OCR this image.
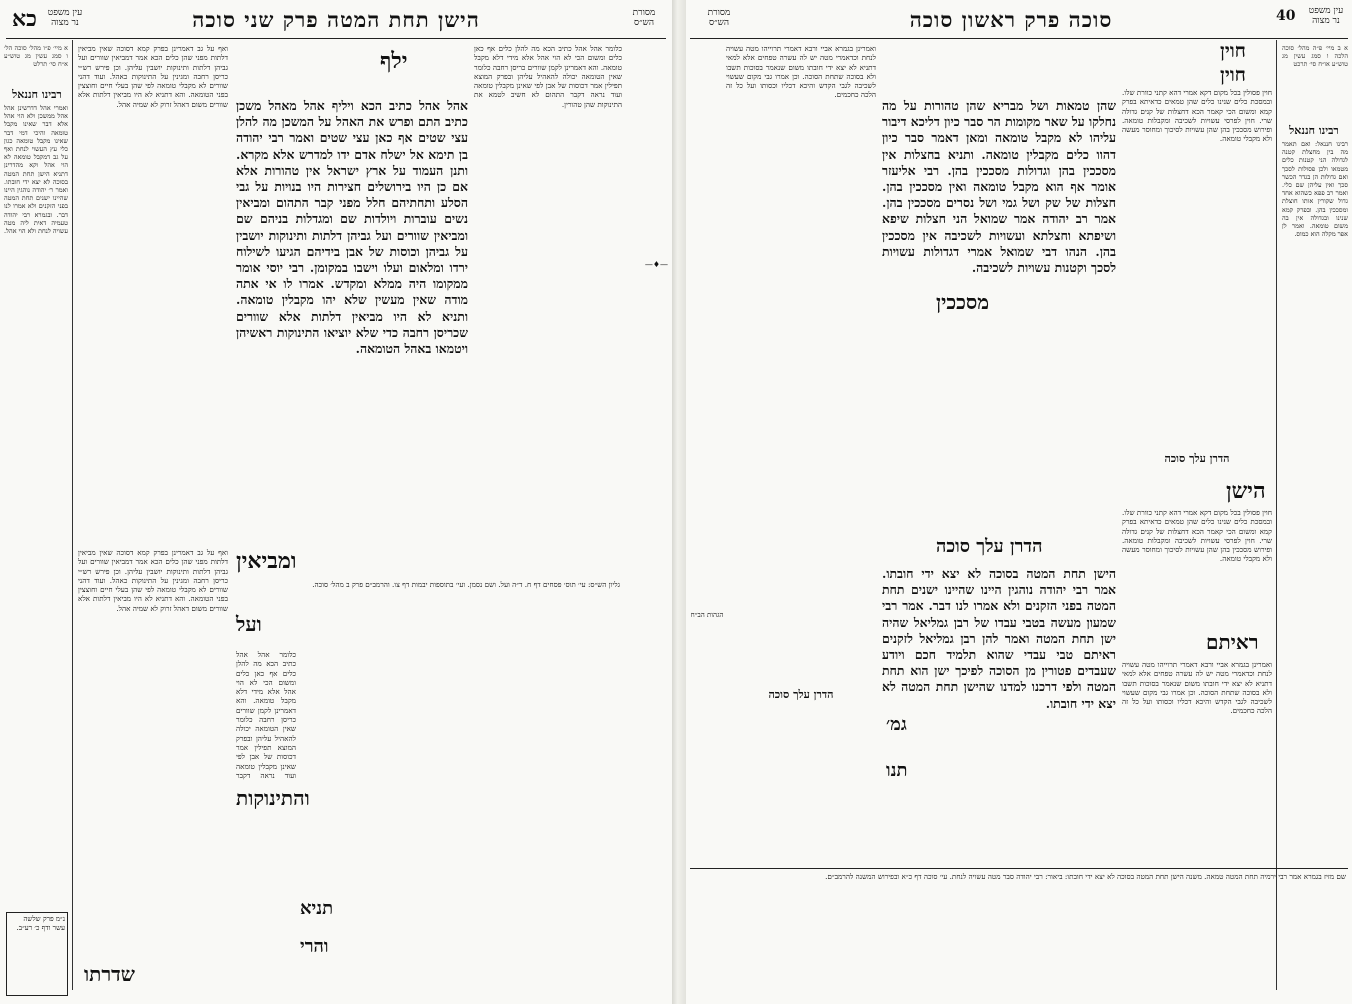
הישן תחת המטה פרק שני סוכה
כא	עין משפט
נר מצוה
מסורת
הש״ס

א מיי׳ פ״ו מהל׳ סוכה הל׳ ו סמג עשין מג טוש״ע א״ח סי׳ תרלט

רבינו חננאל

ואמרי אהל דדרשינן אהל אהל ממשכן ולא הוי אהל אלא דבר שאינו מקבל טומאה והיכי דמי דבר שאינו מקבל טומאה כגון כלי עץ העשוי לנחת ואף על גב דמקבל טומאה לא הוי אהל וקא מהדרינן דתניא הישן תחת המטה בסוכה לא יצא ידי חובתו. ואמר ר׳ יהודה נוהגין היינו שהיינו ישנים תחת המטה בפני הזקנים ולא אמרו לנו דבר. ובגמרא רבי יהודה טעמיה דאית ליה מטה עשויה לנחת ולא הוי אהל.

נ״מ פרק שלשה עשר ודף כ׳ רע״ב.

ואף על גב דאמרינן בפרק קמא דסוכה שאין מביאין דלתות מפני שהן כלים הכא אמר דמביאין שוורים ועל גביהן דלתות ותינוקות יושבין עליהן. וכן פירש רש״י כריסן רחבה ומגינין על התינוקות כאהל. ועוד דהני שוורים לא מקבלי טומאה לפי שהן בעלי חיים וחוצצין בפני הטומאה. והא דתניא לא היו מביאין דלתות אלא שוורים משום דאהל זרוק לא שמיה אהל.

ילף

אהל אהל כתיב הכא ויליף אהל מאהל משכן כתיב התם ופרש את האהל על המשכן מה להלן עצי שטים אף כאן עצי שטים ואמר רבי יהודה בן תימא אל ישלח אדם ידו למדרש אלא מקרא. ותנן העמוד על ארץ ישראל אין טהורות אלא אם כן היו בירושלים חצירות היו בנויות על גבי הסלע ותחתיהם חלל מפני קבר התהום ומביאין נשים עוברות ויולדות שם ומגדלות בניהם שם ומביאין שוורים ועל גביהן דלתות ותינוקות יושבין על גביהן וכוסות של אבן בידיהם הגיעו לשילוח ירדו ומלאום ועלו וישבו במקומן. רבי יוסי אומר ממקומו היה ממלא ומקדש. אמרו לו אי אתה מודה שאין מעשין שלא יהו מקבלין טומאה. ותניא לא היו מביאין דלתות אלא שוורים שכריסן רחבה כדי שלא יוציאו התינוקות ראשיהן ויטמאו באהל הטומאה.

כלומר אהל אהל כתיב הכא מה להלן כלים אף כאן כלים ומשום הכי לא הוי אהל אלא מידי דלא מקבל טומאה. והא דאמרינן לקמן שוורים כריסן רחבה כלומר שאין הטומאה יכולה להאהיל עליהן ובפרק המוצא תפילין אמר דכוסות של אבן לפי שאינן מקבלין טומאה ועוד נראה דקבר התהום לא חשיב לטמא את התינוקות שהן טהורין.

—♦—
ומביאין
ועל
והתינוקות
תניא
והרי
שדרתו

ואף על גב דאמרינן בפרק קמא דסוכה שאין מביאין דלתות מפני שהן כלים הכא אמר דמביאין שוורים ועל גביהן דלתות ותינוקות יושבין עליהן. וכן פירש רש״י כריסן רחבה ומגינין על התינוקות כאהל. ועוד דהני שוורים לא מקבלי טומאה לפי שהן בעלי חיים וחוצצין בפני הטומאה. והא דתניא לא היו מביאין דלתות אלא שוורים משום דאהל זרוק לא שמיה אהל.

גליון הש״ס: עי׳ תוס׳ פסחים דף ח. ד״ה ועל. ושם נסמן. ועי׳ בתוספות יבמות דף צו. והרמב״ם פרק ב מהל׳ סוכה.

כלומר אהל אהל כתיב הכא מה להלן כלים אף כאן כלים ומשום הכי לא הוי אהל אלא מידי דלא מקבל טומאה. והא דאמרינן לקמן שוורים כריסן רחבה כלומר שאין הטומאה יכולה להאהיל עליהן ובפרק המוצא תפילין אמר דכוסות של אבן לפי שאינן מקבלין טומאה ועוד נראה דקבר

סוכה פרק ראשון סוכה	40	עין משפט
נר מצוה
מסורת
הש״ס

א ב מיי׳ פ״ה מהל׳ סוכה הלכה ו סמג עשין מג טוש״ע או״ח סי׳ תרכט

רבינו חננאל

רבינו חננאל: ואם תאמר מה בין מחצלת קטנה לגדולה הני קטנות כלים מטמאו ולכן פסולות לסכך ואם גדולות הן בגדר הכשר סכך ואין עליהן שם כלי. ואמר רב פפא כשהוא אחד גדול שקורין אותו חוצלת ומסככין בהן. ובפרק קמא שנינו ובגדולה אין בה משום טומאה. ואמר לן אפר מקלה הוא כמוס.

ואמרינן בגמרא אביי ורבא דאמרי תרוייהו מטה עשויה לנחת וכדאמרי מטה יש לה עשרה טפחים אלא למאי דתניא לא יצא ידי חובתו משום שנאמר בסוכות תשבו ולא בסוכה שתחת הסוכה. וכן אמרו גבי מקום שעשוי לשכיבה לגבי הקדש והיכא דכליו וכסותו ועל כל זה הלכה כחכמים.

הגהות הב״ח
הדרן עלך סוכה
חוין
חוין

חוין פסולין בכל מקום דקא אמרי דהא קתני כוורת שלו. ובמסכת כלים שנינו כלים שהן טמאים כדאיתא בפרק קמא ומשום הכי קאמר הכא דחצלות של קנים גדולה שרי. חוין לפרסי עשויות לשכיבה ומקבלות טומאה. ופירוש מסככין בהן שהן עשויות לסיכוך ומחוסר מעשה ולא מקבלי טומאה.

הדרן עלך סוכה
הישן

חוין פסולין בכל מקום דקא אמרי דהא קתני כוורת שלו. ובמסכת כלים שנינו כלים שהן טמאים כדאיתא בפרק קמא ומשום הכי קאמר הכא דחצלות של קנים גדולה שרי. חוין לפרסי עשויות לשכיבה ומקבלות טומאה. ופירוש מסככין בהן שהן עשויות לסיכוך ומחוסר מעשה ולא מקבלי טומאה.

ראיתם

ואמרינן בגמרא אביי ורבא דאמרי תרוייהו מטה עשויה לנחת וכדאמרי מטה יש לה עשרה טפחים אלא למאי דתניא לא יצא ידי חובתו משום שנאמר בסוכות תשבו ולא בסוכה שתחת הסוכה. וכן אמרו גבי מקום שעשוי לשכיבה לגבי הקדש והיכא דכליו וכסותו ועל כל זה הלכה כחכמים.

שהן טמאות ושל מבריא שהן טהורות על מה נחלקו על שאר מקומות הר סבר כיון דליכא דיבור עליהו לא מקבל טומאה ומאן דאמר סבר כיון דהוו כלים מקבלין טומאה. ותניא בחצלות אין מסככין בהן וגדולות מסככין בהן. רבי אליעזר אומר אף הוא מקבל טומאה ואין מסככין בהן. חצלות של שק ושל גמי ושל נסרים מסככין בהן. אמר רב יהודה אמר שמואל הני חצלות שיפא ושיפתא וחצלתא ועשויות לשכיבה אין מסככין בהן. הנהו דבי שמואל אמרי דגדולות עשויות לסכך וקטנות עשויות לשכיבה.

מסככין
הדרן עלך סוכה

הישן תחת המטה בסוכה לא יצא ידי חובתו. אמר רבי יהודה נוהגין היינו שהיינו ישנים תחת המטה בפני הזקנים ולא אמרו לנו דבר. אמר רבי שמעון מעשה בטבי עבדו של רבן גמליאל שהיה ישן תחת המטה ואמר להן רבן גמליאל לזקנים ראיתם טבי עבדי שהוא תלמיד חכם ויודע שעבדים פטורין מן הסוכה לפיכך ישן הוא תחת המטה ולפי דרכנו למדנו שהישן תחת המטה לא יצא ידי חובתו.

גמ׳
תנו

שם מזיז בגמרא אמר רבי ירמיה תחת המטה טמאה. משנה הישן תחת המטה בסוכה לא יצא ידי חובתו: ביאור: רבי יהודה סבר מטה עשויה לנחת. עי׳ סוכה דף כ״א ובפירוש המשנה להרמב״ם.
